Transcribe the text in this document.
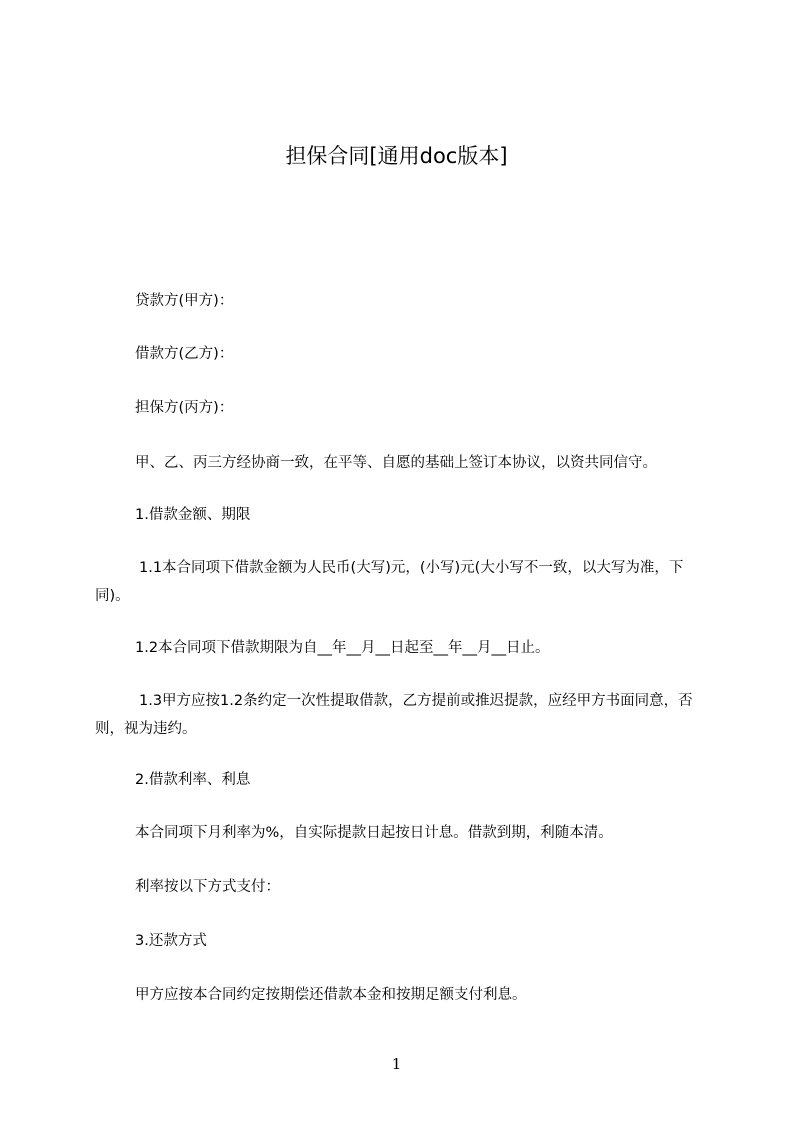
担保合同[通用doc版本]
贷款方(甲方)：
借款方(乙方)：
担保方(丙方)：
甲、乙、丙三方经协商一致，在平等、自愿的基础上签订本协议，以资共同信守。
1.借款金额、期限
1.1本合同项下借款金额为人民币(大写)元，(小写)元(大小写不一致，以大写为准，下同)。
1.2本合同项下借款期限为自__年__月__日起至__年__月__日止。
1.3甲方应按1.2条约定一次性提取借款，乙方提前或推迟提款，应经甲方书面同意，否则，视为违约。
2.借款利率、利息
本合同项下月利率为%，自实际提款日起按日计息。借款到期，利随本清。
利率按以下方式支付：
3.还款方式
甲方应按本合同约定按期偿还借款本金和按期足额支付利息。
1
